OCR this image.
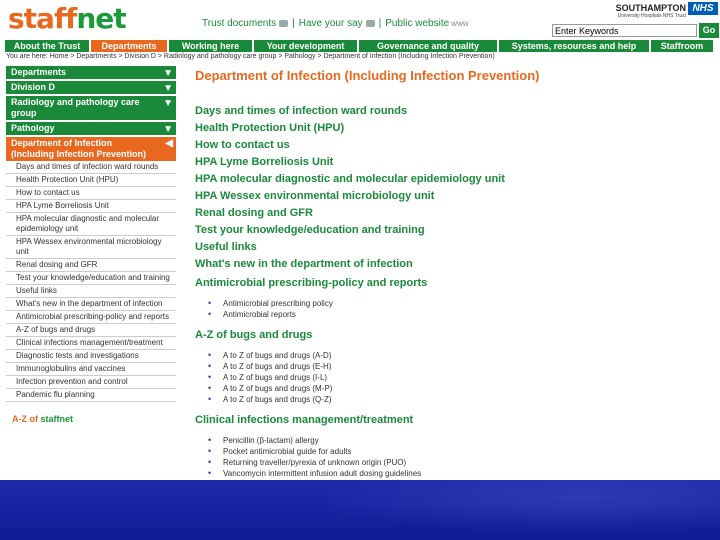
staffnet	Trust documents | Have your say | Public website www
SOUTHAMPTON
University Hospitals NHS Trust
NHS
Enter Keywords
Go
About the Trust	Departments	Working here	Your development	Governance and quality	Systems, resources and help	Staffroom
You are here: Home > Departments > Division D > Radiology and pathology care group > Pathology > Department of Infection (Including Infection Prevention)
Departments	▼
Division D	▼
Radiology and pathology care group
▼
Pathology	▼
Department of Infection (Including Infection Prevention)
◀
Days and times of infection ward rounds
Health Protection Unit (HPU)
How to contact us
HPA Lyme Borreliosis Unit
HPA molecular diagnostic and molecular epidemiology unit
HPA Wessex environmental microbiology unit
Renal dosing and GFR
Test your knowledge/education and training
Useful links
What's new in the department of infection
Antimicrobial prescribing-policy and reports
A-Z of bugs and drugs
Clinical infections management/treatment
Diagnostic tests and investigations
Immunoglobulins and vaccines
Infection prevention and control
Pandemic flu planning
A-Z of staffnet
Department of Infection (Including Infection Prevention)
Days and times of infection ward rounds
Health Protection Unit (HPU)
How to contact us
HPA Lyme Borreliosis Unit
HPA molecular diagnostic and molecular epidemiology unit
HPA Wessex environmental microbiology unit
Renal dosing and GFR
Test your knowledge/education and training
Useful links
What's new in the department of infection
Antimicrobial prescribing-policy and reports
• Antimicrobial prescribing policy
• Antimicrobial reports
A-Z of bugs and drugs
• A to Z of bugs and drugs (A-D)
• A to Z of bugs and drugs (E-H)
• A to Z of bugs and drugs (I-L)
• A to Z of bugs and drugs (M-P)
• A to Z of bugs and drugs (Q-Z)
Clinical infections management/treatment
• Penicillin (β-lactam) allergy
• Pocket antimicrobial guide for adults
• Returning traveller/pyrexia of unknown origin (PUO)
• Vancomycin intermittent infusion adult dosing guidelines
